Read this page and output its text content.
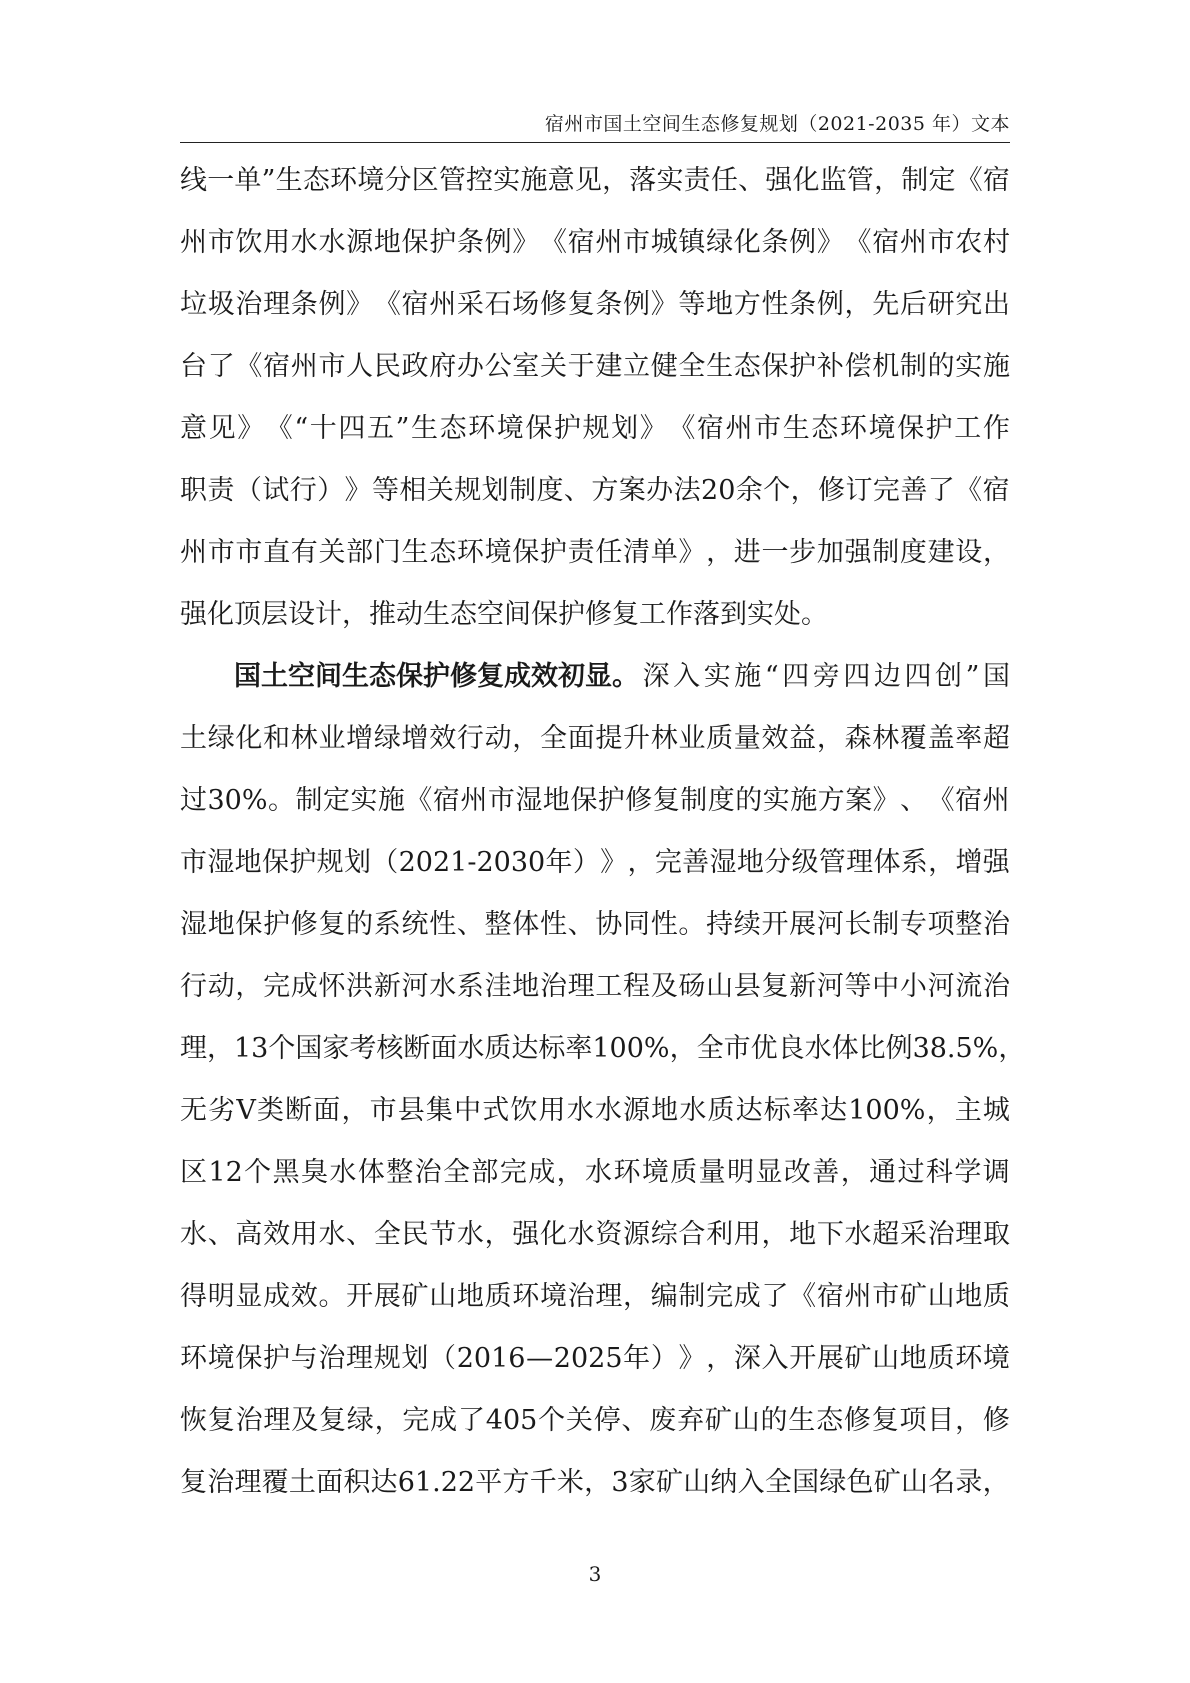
宿州市国土空间生态修复规划（2021-2035 年）文本
线 一 单 ” 生 态 环 境 分 区 管 控 实 施 意 见 ， 落 实 责 任 、 强 化 监 管 ， 制 定 《 宿
州 市 饮 用 水 水 源 地 保 护 条 例 》 《 宿 州 市 城 镇 绿 化 条 例 》 《 宿 州 市 农 村
垃 圾 治 理 条 例 》 《 宿 州 采 石 场 修 复 条 例 》 等 地 方 性 条 例 ， 先 后 研 究 出
台 了 《 宿 州 市 人 民 政 府 办 公 室 关 于 建 立 健 全 生 态 保 护 补 偿 机 制 的 实 施
意 见 》 《 “ 十 四 五 ” 生 态 环 境 保 护 规 划 》 《 宿 州 市 生 态 环 境 保 护 工 作
职 责 （ 试 行 ） 》 等 相 关 规 划 制 度 、 方 案 办 法 20 余 个 ， 修 订 完 善 了 《 宿
州 市 市 直 有 关 部 门 生 态 环 境 保 护 责 任 清 单 》 ， 进 一 步 加 强 制 度 建 设 ，
强化顶层设计，推动生态空间保护修复工作落到实处。
国土空间生态保护修复成效初显。 深 入 实 施 “ 四 旁 四 边 四 创 ” 国
土 绿 化 和 林 业 增 绿 增 效 行 动 ， 全 面 提 升 林 业 质 量 效 益 ， 森 林 覆 盖 率 超
过 30% 。 制 定 实 施 《 宿 州 市 湿 地 保 护 修 复 制 度 的 实 施 方 案 》 、 《 宿 州
市 湿 地 保 护 规 划 （ 2021-2030 年 ） 》 ， 完 善 湿 地 分 级 管 理 体 系 ， 增 强
湿 地 保 护 修 复 的 系 统 性 、 整 体 性 、 协 同 性 。 持 续 开 展 河 长 制 专 项 整 治
行 动 ， 完 成 怀 洪 新 河 水 系 洼 地 治 理 工 程 及 砀 山 县 复 新 河 等 中 小 河 流 治
理 ， 13 个 国 家 考 核 断 面 水 质 达 标 率 100% ， 全 市 优 良 水 体 比 例 38.5% ，
无 劣 V 类 断 面 ， 市 县 集 中 式 饮 用 水 水 源 地 水 质 达 标 率 达 100% ， 主 城
区 12 个 黑 臭 水 体 整 治 全 部 完 成 ， 水 环 境 质 量 明 显 改 善 ， 通 过 科 学 调
水 、 高 效 用 水 、 全 民 节 水 ， 强 化 水 资 源 综 合 利 用 ， 地 下 水 超 采 治 理 取
得 明 显 成 效 。 开 展 矿 山 地 质 环 境 治 理 ， 编 制 完 成 了 《 宿 州 市 矿 山 地 质
环 境 保 护 与 治 理 规 划 （ 2016 — 2025 年 ） 》 ， 深 入 开 展 矿 山 地 质 环 境
恢 复 治 理 及 复 绿 ， 完 成 了 405 个 关 停 、 废 弃 矿 山 的 生 态 修 复 项 目 ， 修
复 治 理 覆 土 面 积 达 61.22 平 方 千 米 ， 3 家 矿 山 纳 入 全 国 绿 色 矿 山 名 录 ，
3
